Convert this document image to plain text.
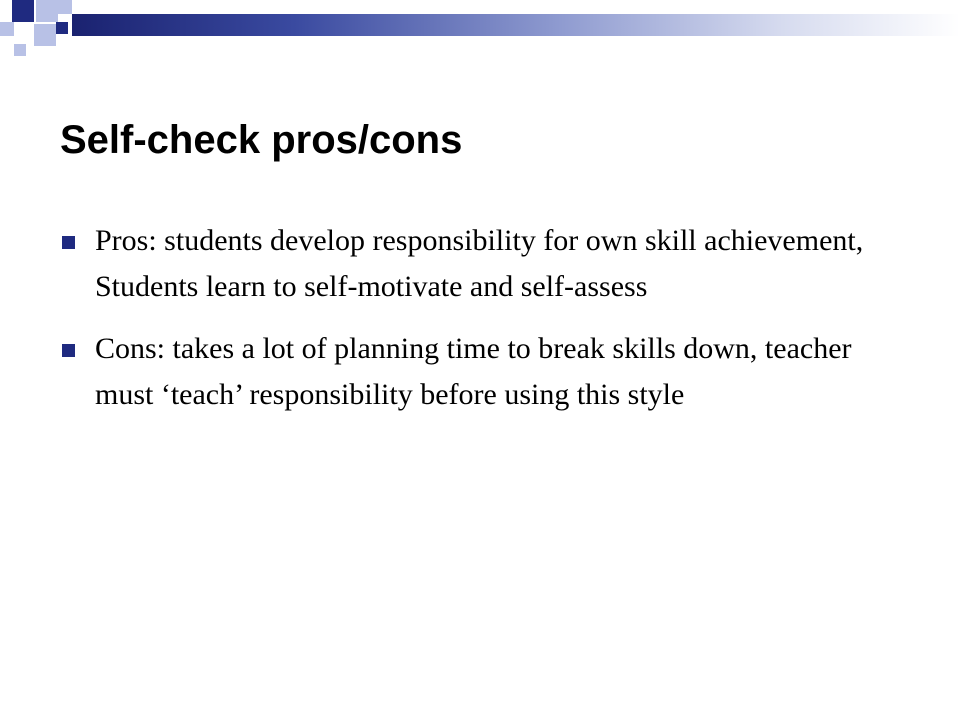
Self-check pros/cons
Pros: students develop responsibility for own skill achievement, Students learn to self-motivate and self-assess
Cons: takes a lot of planning time to break skills down, teacher must ‘teach’ responsibility before using this style
